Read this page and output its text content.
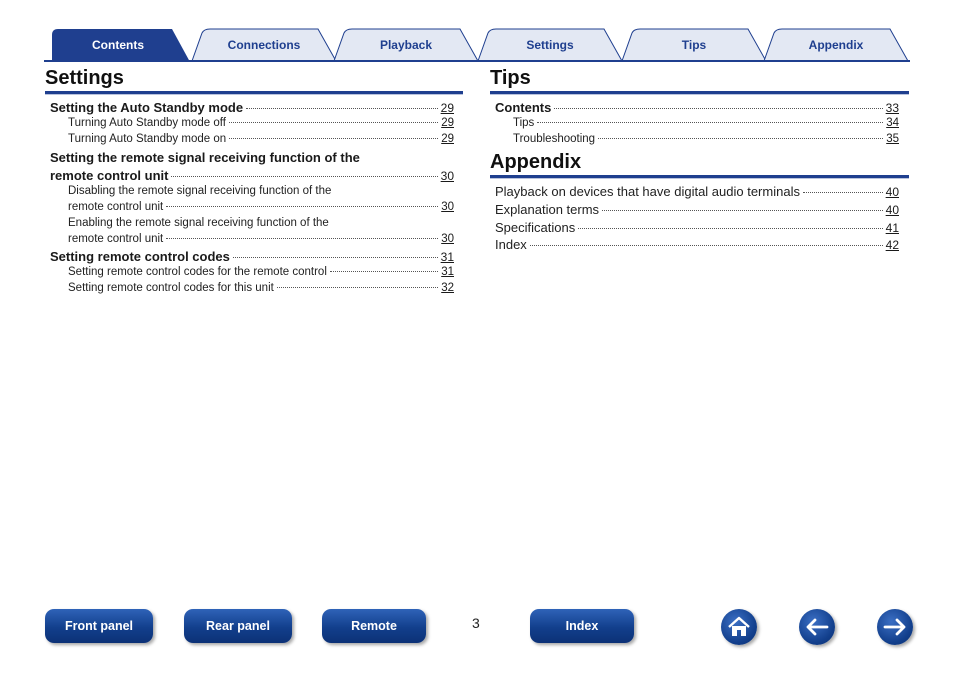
Contents	Connections	Playback	Settings	Tips	Appendix
Settings
Setting the Auto Standby mode	29
Turning Auto Standby mode off	29
Turning Auto Standby mode on	29
Setting the remote signal receiving function of the
remote control unit	30
Disabling the remote signal receiving function of the
remote control unit	30
Enabling the remote signal receiving function of the
remote control unit	30
Setting remote control codes	31
Setting remote control codes for the remote control	31
Setting remote control codes for this unit	32
Tips
Contents	33
Tips	34
Troubleshooting	35
Appendix
Playback on devices that have digital audio terminals	40
Explanation terms	40
Specifications	41
Index	42
Front panel	Rear panel	Remote	3	Index
